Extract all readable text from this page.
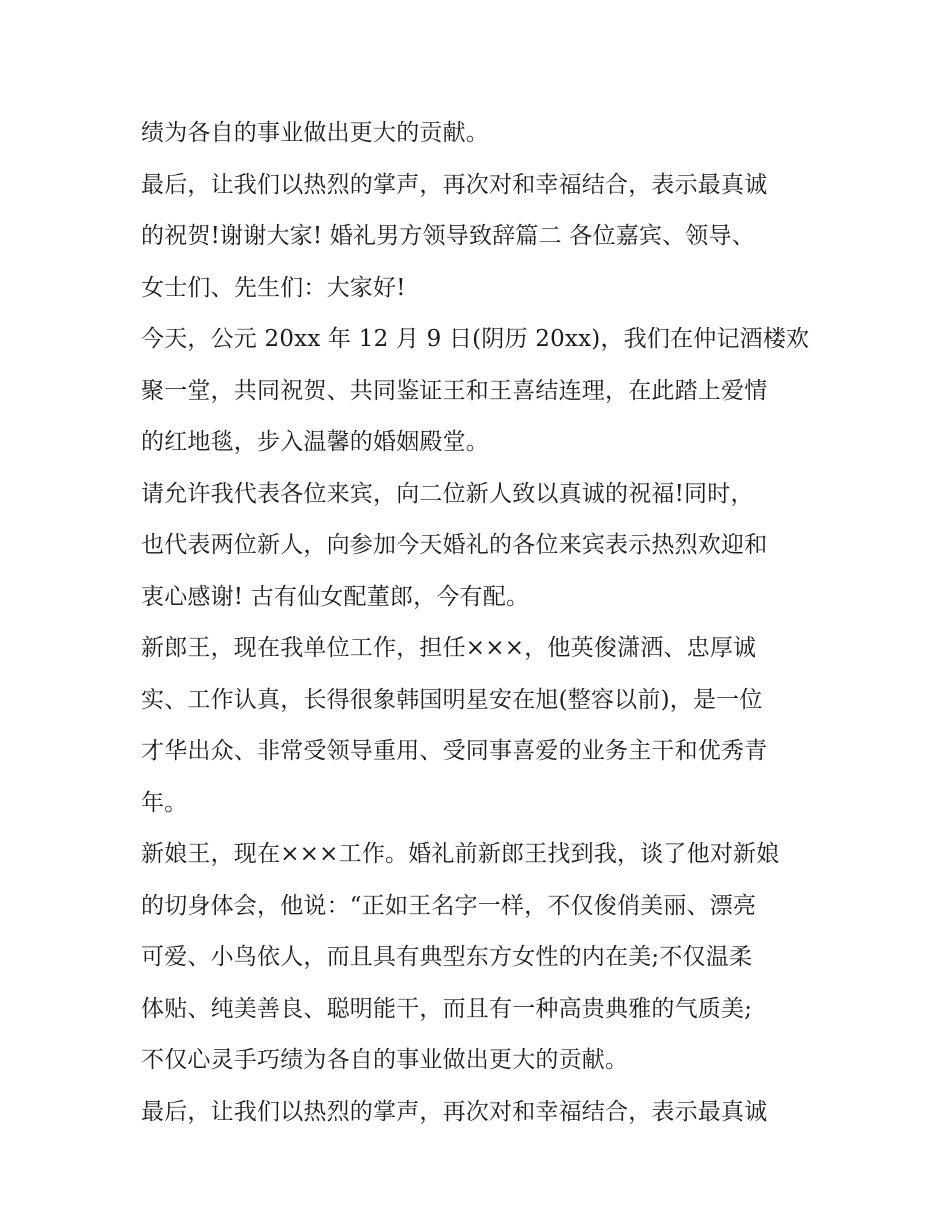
绩为各自的事业做出更大的贡献。
最后，让我们以热烈的掌声，再次对和幸福结合，表示最真诚
的祝贺!谢谢大家! 婚礼男方领导致辞篇二 各位嘉宾、领导、
女士们、先生们：大家好!
今天，公元 20xx 年 12 月 9 日(阴历 20xx)，我们在仲记酒楼欢
聚一堂，共同祝贺、共同鉴证王和王喜结连理，在此踏上爱情
的红地毯，步入温馨的婚姻殿堂。
请允许我代表各位来宾，向二位新人致以真诚的祝福!同时，
也代表两位新人，向参加今天婚礼的各位来宾表示热烈欢迎和
衷心感谢! 古有仙女配董郎，今有配。
新郎王，现在我单位工作，担任×××，他英俊潇洒、忠厚诚
实、工作认真，长得很象韩国明星安在旭(整容以前)，是一位
才华出众、非常受领导重用、受同事喜爱的业务主干和优秀青
年。
新娘王，现在×××工作。婚礼前新郎王找到我，谈了他对新娘
的切身体会，他说：“正如王名字一样，不仅俊俏美丽、漂亮
可爱、小鸟依人，而且具有典型东方女性的内在美;不仅温柔
体贴、纯美善良、聪明能干，而且有一种高贵典雅的气质美;
不仅心灵手巧绩为各自的事业做出更大的贡献。
最后，让我们以热烈的掌声，再次对和幸福结合，表示最真诚
